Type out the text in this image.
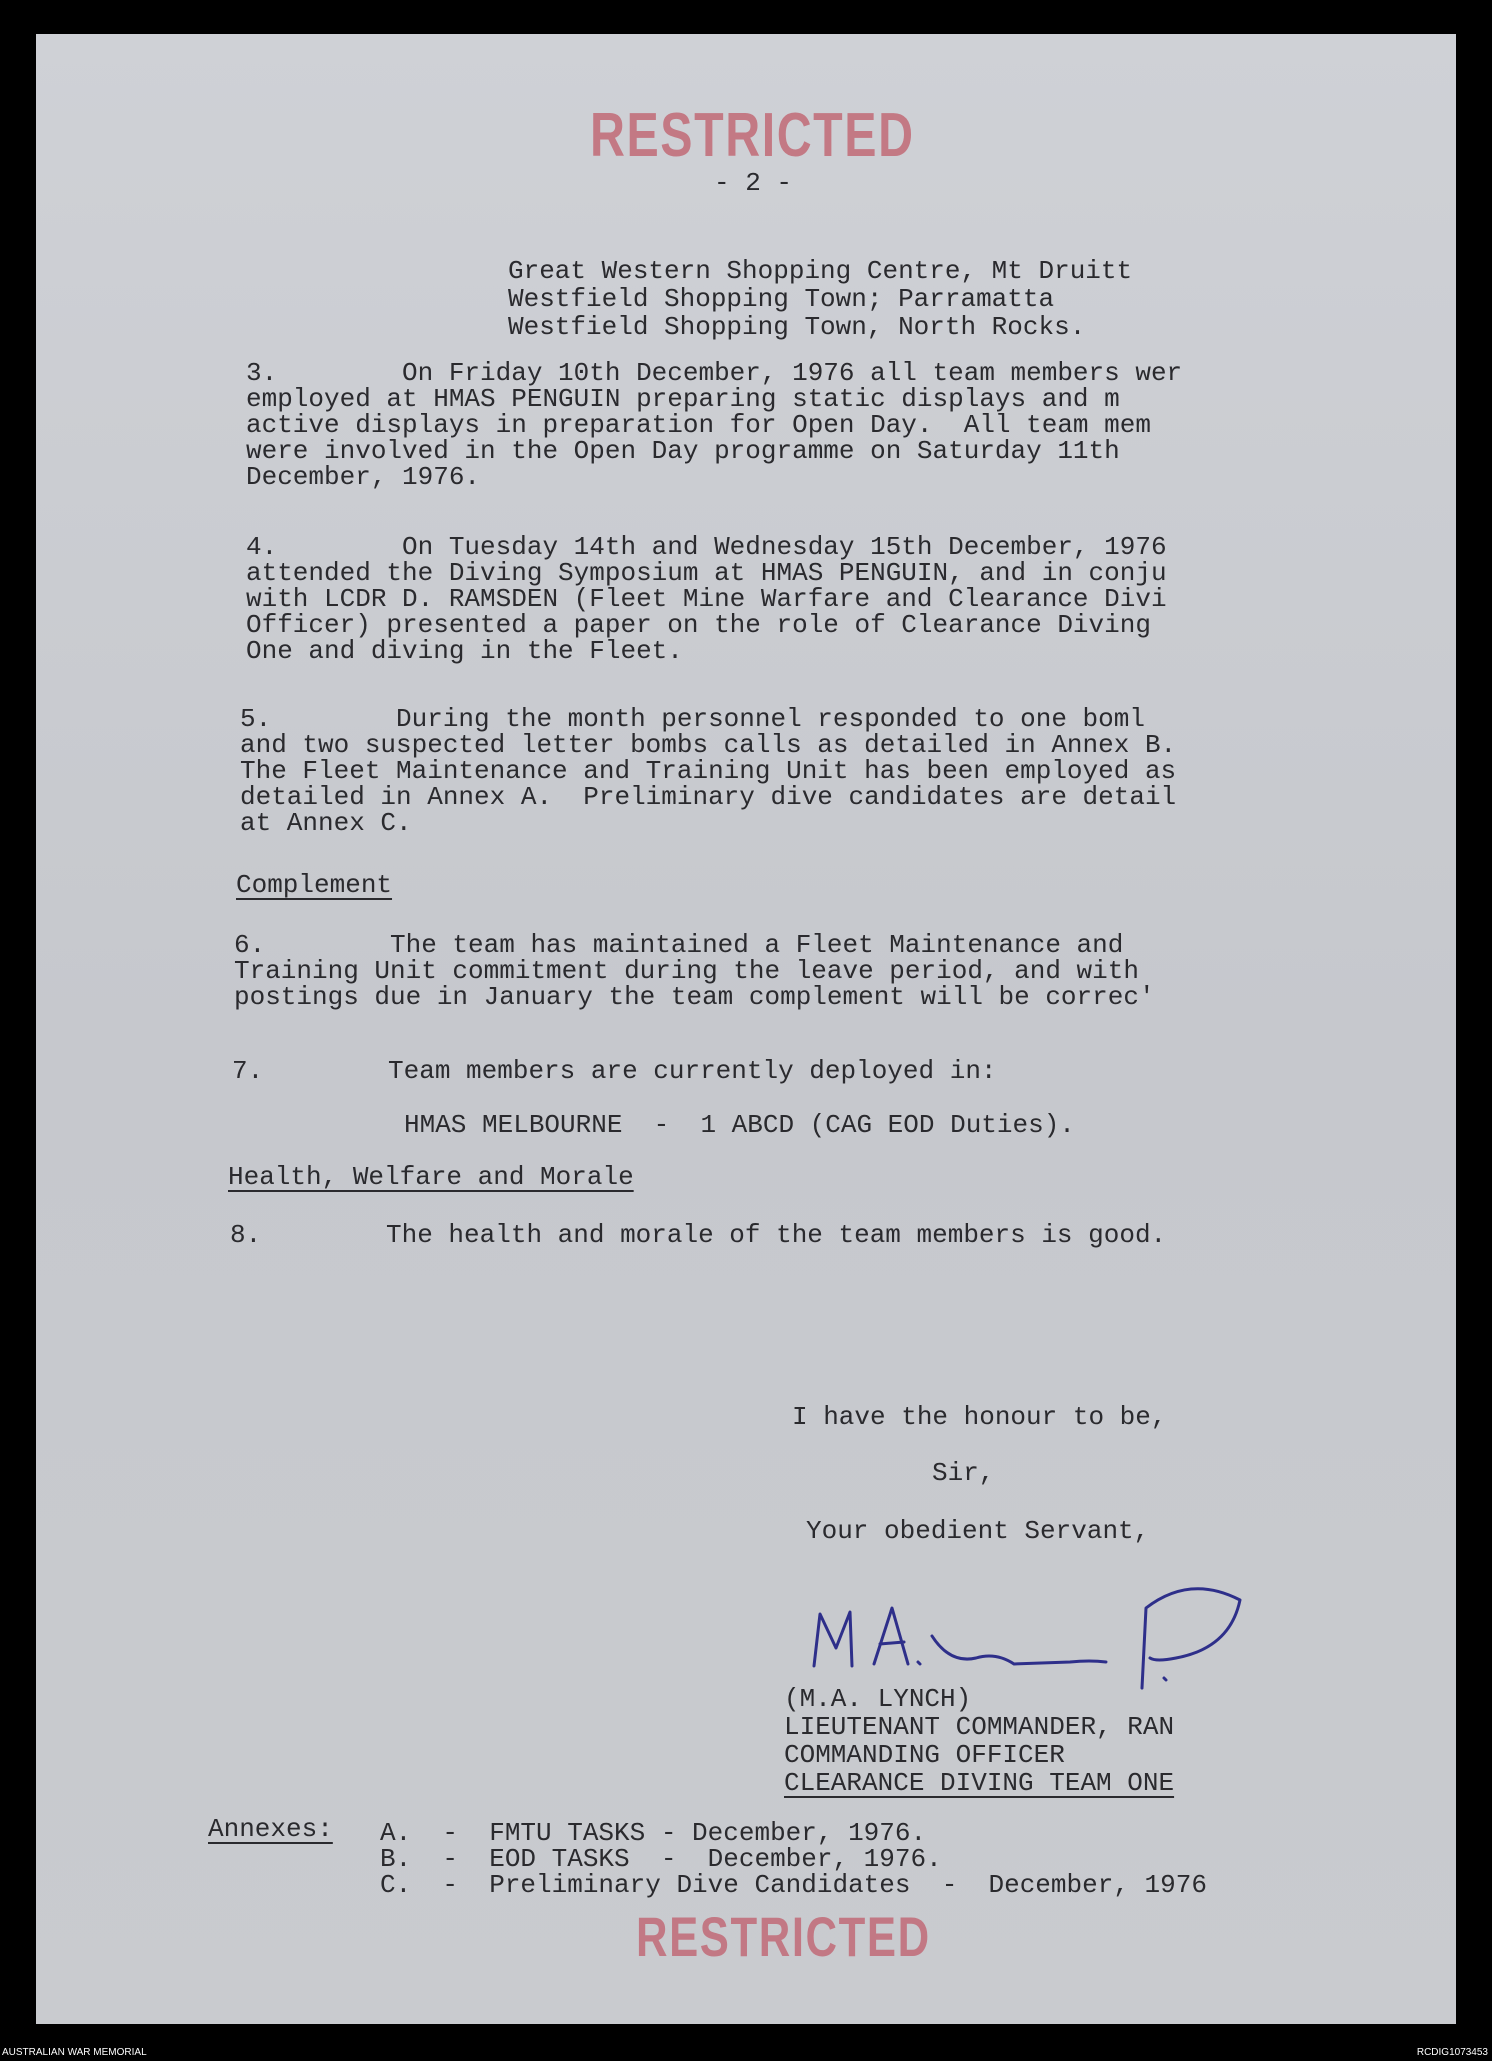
RESTRICTED
- 2 -
Great Western Shopping Centre, Mt Druitt
Westfield Shopping Town; Parramatta
Westfield Shopping Town, North Rocks.
3.        On Friday 10th December, 1976 all team members wer
employed at HMAS PENGUIN preparing static displays and m
active displays in preparation for Open Day.  All team mem
were involved in the Open Day programme on Saturday 11th
December, 1976.
4.        On Tuesday 14th and Wednesday 15th December, 1976
attended the Diving Symposium at HMAS PENGUIN, and in conju
with LCDR D. RAMSDEN (Fleet Mine Warfare and Clearance Divi
Officer) presented a paper on the role of Clearance Diving
One and diving in the Fleet.
5.        During the month personnel responded to one boml
and two suspected letter bombs calls as detailed in Annex B.
The Fleet Maintenance and Training Unit has been employed as
detailed in Annex A.  Preliminary dive candidates are detail
at Annex C.
Complement
6.        The team has maintained a Fleet Maintenance and
Training Unit commitment during the leave period, and with
postings due in January the team complement will be correc'
7.        Team members are currently deployed in:
HMAS MELBOURNE  -  1 ABCD (CAG EOD Duties).
Health, Welfare and Morale
8.        The health and morale of the team members is good.
I have the honour to be,
Sir,
Your obedient Servant,
(M.A. LYNCH)
LIEUTENANT COMMANDER, RAN
COMMANDING OFFICER
CLEARANCE DIVING TEAM ONE
Annexes: A.  -  FMTU TASKS - December, 1976.
B.  -  EOD TASKS  -  December, 1976.
C.  -  Preliminary Dive Candidates  -  December, 1976
RESTRICTED
AUSTRALIAN WAR MEMORIAL	RCDIG1073453
